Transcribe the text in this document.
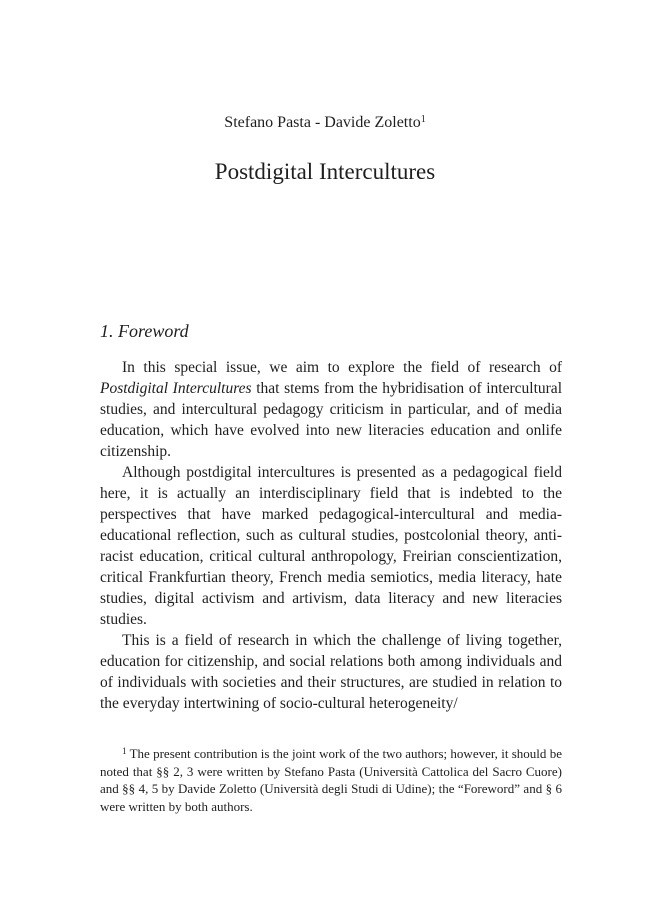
Stefano Pasta - Davide Zoletto$^1$
Postdigital Intercultures
1. Foreword

In this special issue, we aim to explore the field of research of Postdigital Intercultures that stems from the hybridisation of intercultural studies, and intercultural pedagogy criticism in particular, and of media education, which have evolved into new literacies education and onlife citizenship.

Although postdigital intercultures is presented as a pedagogical field here, it is actually an interdisciplinary field that is indebted to the perspectives that have marked pedagogical-intercultural and media-educational reflection, such as cultural studies, postcolonial theory, anti-racist education, critical cultural anthropology, Freirian conscientization, critical Frankfurtian theory, French media semiotics, media literacy, hate studies, digital activism and artivism, data literacy and new literacies studies.

This is a field of research in which the challenge of living together, education for citizenship, and social relations both among individuals and of individuals with societies and their structures, are studied in relation to the everyday intertwining of socio-cultural heterogeneity/

$^1$ The present contribution is the joint work of the two authors; however, it should be noted that §§ 2, 3 were written by Stefano Pasta (Università Cattolica del Sacro Cuore) and §§ 4, 5 by Davide Zoletto (Università degli Studi di Udine); the “Foreword” and § 6 were written by both authors.
